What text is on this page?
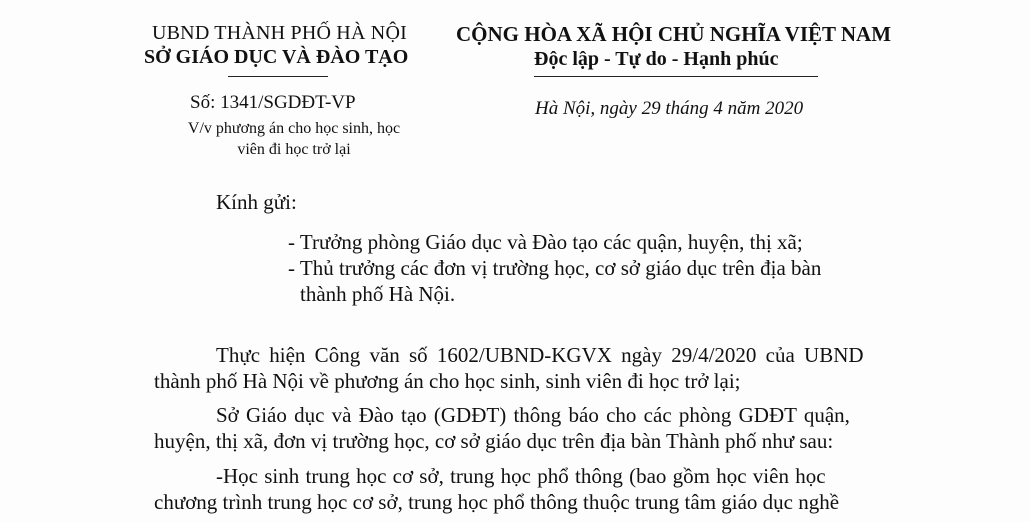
UBND THÀNH PHỐ HÀ NỘI
SỞ GIÁO DỤC VÀ ĐÀO TẠO
Số: 1341/SGDĐT-VP
V/v phương án cho học sinh, học
viên đi học trở lại
CỘNG HÒA XÃ HỘI CHỦ NGHĨA VIỆT NAM
Độc lập - Tự do - Hạnh phúc
Hà Nội, ngày 29 tháng 4 năm 2020
Kính gửi:
- Trưởng phòng Giáo dục và Đào tạo các quận, huyện, thị xã;
- Thủ trưởng các đơn vị trường học, cơ sở giáo dục trên địa bàn
thành phố Hà Nội.
Thực hiện Công văn số 1602/UBND-KGVX ngày 29/4/2020 của UBND
thành phố Hà Nội về phương án cho học sinh, sinh viên đi học trở lại;
Sở Giáo dục và Đào tạo (GDĐT) thông báo cho các phòng GDĐT quận,
huyện, thị xã, đơn vị trường học, cơ sở giáo dục trên địa bàn Thành phố như sau:
-Học sinh trung học cơ sở, trung học phổ thông (bao gồm học viên học
chương trình trung học cơ sở, trung học phổ thông thuộc trung tâm giáo dục nghề
